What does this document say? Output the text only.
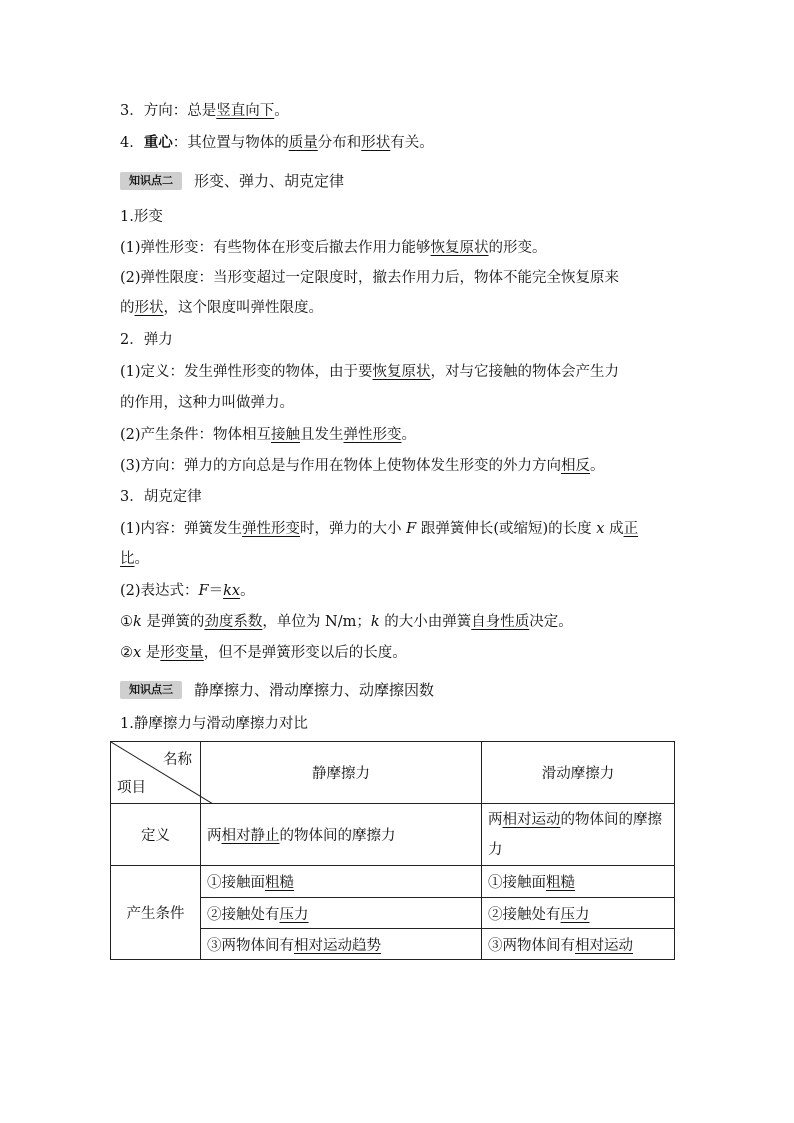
3．方向：总是竖直向下。
4．重心：其位置与物体的质量分布和形状有关。
知识点二 形变、弹力、胡克定律
1.形变
(1)弹性形变：有些物体在形变后撤去作用力能够恢复原状的形变。
(2)弹性限度：当形变超过一定限度时，撤去作用力后，物体不能完全恢复原来
的形状，这个限度叫弹性限度。
2．弹力
(1)定义：发生弹性形变的物体，由于要恢复原状，对与它接触的物体会产生力
的作用，这种力叫做弹力。
(2)产生条件：物体相互接触且发生弹性形变。
(3)方向：弹力的方向总是与作用在物体上使物体发生形变的外力方向相反。
3．胡克定律
(1)内容：弹簧发生弹性形变时，弹力的大小 F 跟弹簧伸长(或缩短)的长度 x 成正
比。
(2)表达式：F＝kx。
①k 是弹簧的劲度系数，单位为 N/m；k 的大小由弹簧自身性质决定。
②x 是形变量，但不是弹簧形变以后的长度。
知识点三 静摩擦力、滑动摩擦力、动摩擦因数
1.静摩擦力与滑动摩擦力对比
名称
项目	静摩擦力	滑动摩擦力
定义	两相对静止的物体间的摩擦力	两相对运动的物体间的摩擦力
产生条件	①接触面粗糙	①接触面粗糙
	②接触处有压力	②接触处有压力
	③两物体间有相对运动趋势	③两物体间有相对运动
